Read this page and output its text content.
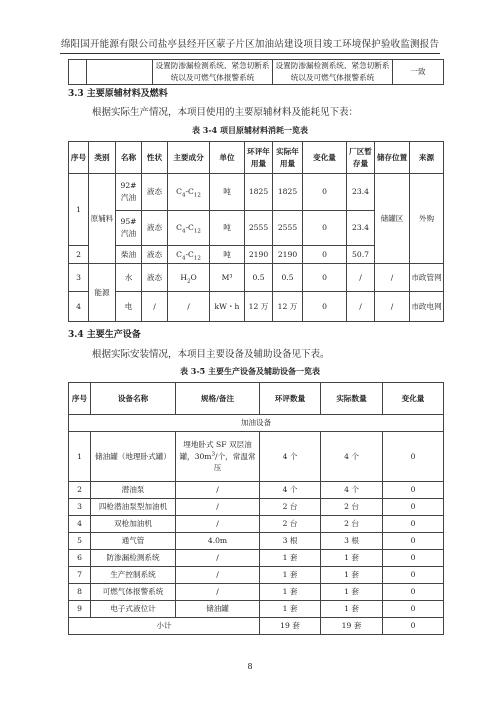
绵阳国开能源有限公司盐亭县经开区蒙子片区加油站建设项目竣工环境保护验收监测报告
		设置防渗漏检测系统、紧急切断系统以及可燃气体报警系统	设置防渗漏检测系统、紧急切断系统以及可燃气体报警系统	一致
3.3 主要原辅材料及燃料
根据实际生产情况，本项目使用的主要原辅材料及能耗见下表：
表 3-4 项目原辅材料消耗一览表
序号	类别	名称	性状	主要成分	单位	环评年用量	实际年用量	变化量	厂区暂存量	储存位置	来源
1	原辅料	92#汽油	液态	$C_4-C_{12}$	吨	1825	1825	0	23.4	储罐区	外购
		95#汽油	液态	$C_4-C_{12}$	吨	2555	2555	0	23.4		
2		柴油	液态	$C_4-C_{12}$	吨	2190	2190	0	50.7		
3	能源	水	液态	$H_2O$	M³	0.5	0.5	0	/	/	市政管网
4		电	/	/	kW・h	12 万	12 万	0	/	/	市政电网
3.4 主要生产设备
根据实际安装情况，本项目主要设备及辅助设备见下表。
表 3-5 主要生产设备及辅助设备一览表
序号	设备名称	规格/备注	环评数量	实际数量	变化量
加油设备					
1	储油罐（地理卧式罐）	埋地卧式 SF 双层油罐，$30m^3/$个，常温常压	4 个	4 个	0
2	潜油泵	/	4 个	4 个	0
3	四枪潜油泵型加油机	/	2 台	2 台	0
4	双枪加油机	/	2 台	2 台	0
5	通气管	4.0m	3 根	3 根	0
6	防渗漏检测系统	/	1 套	1 套	0
7	生产控制系统	/	1 套	1 套	0
8	可燃气体报警系统	/	1 套	1 套	0
9	电子式液位计	储油罐	1 套	1 套	0
小计			19 套	19 套	0
8
